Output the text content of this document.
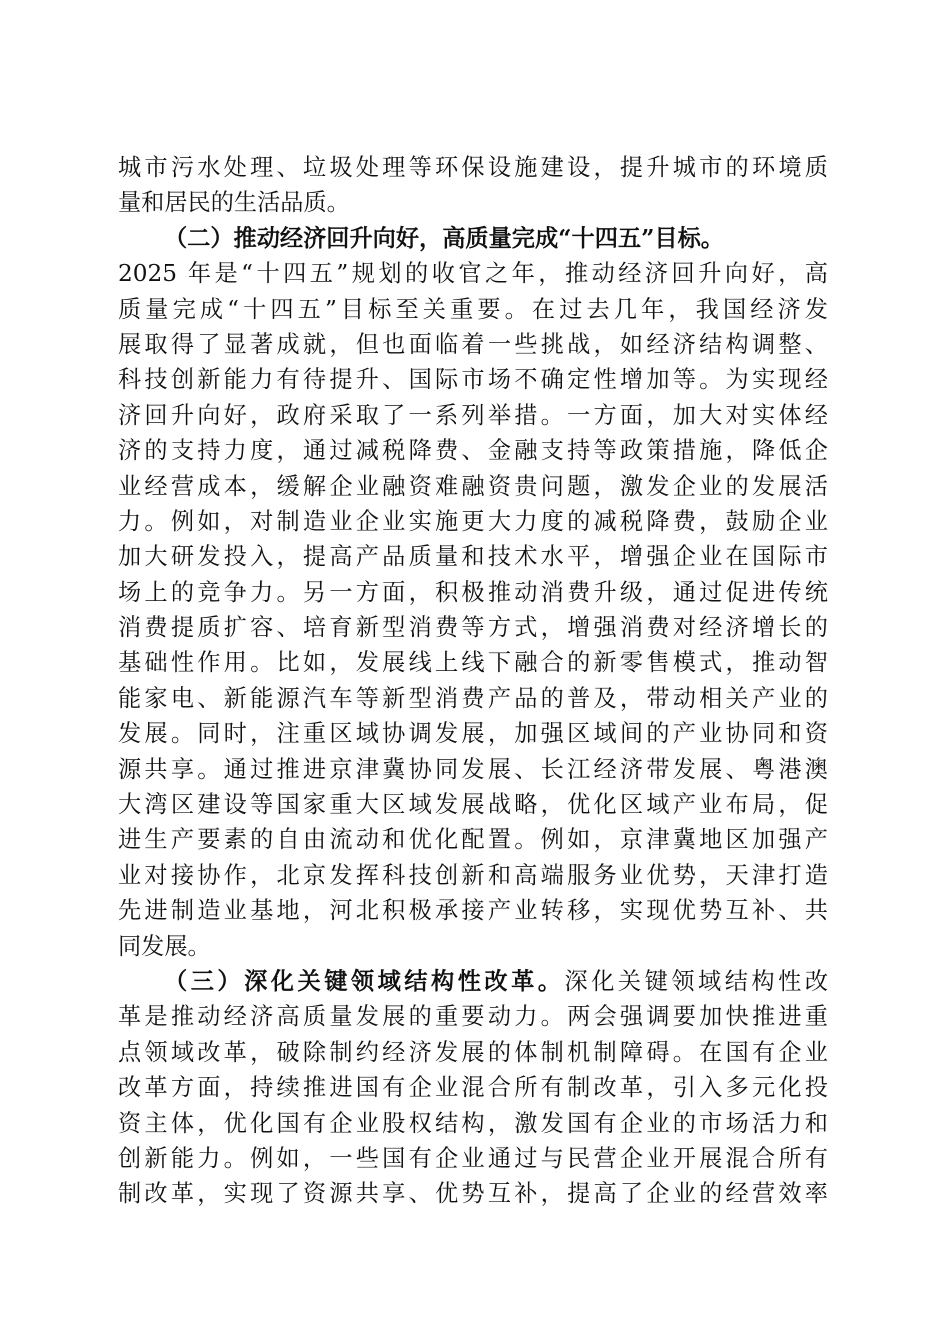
城市污水处理、垃圾处理等环保设施建设，提升城市的环境质
量和居民的生活品质。
（二）推动经济回升向好，高质量完成“十四五”目标。
2025 年是“十四五”规划的收官之年，推动经济回升向好，高
质量完成“十四五”目标至关重要。在过去几年，我国经济发
展取得了显著成就，但也面临着一些挑战，如经济结构调整、
科技创新能力有待提升、国际市场不确定性增加等。为实现经
济回升向好，政府采取了一系列举措。一方面，加大对实体经
济的支持力度，通过减税降费、金融支持等政策措施，降低企
业经营成本，缓解企业融资难融资贵问题，激发企业的发展活
力。例如，对制造业企业实施更大力度的减税降费，鼓励企业
加大研发投入，提高产品质量和技术水平，增强企业在国际市
场上的竞争力。另一方面，积极推动消费升级，通过促进传统
消费提质扩容、培育新型消费等方式，增强消费对经济增长的
基础性作用。比如，发展线上线下融合的新零售模式，推动智
能家电、新能源汽车等新型消费产品的普及，带动相关产业的
发展。同时，注重区域协调发展，加强区域间的产业协同和资
源共享。通过推进京津冀协同发展、长江经济带发展、粤港澳
大湾区建设等国家重大区域发展战略，优化区域产业布局，促
进生产要素的自由流动和优化配置。例如，京津冀地区加强产
业对接协作，北京发挥科技创新和高端服务业优势，天津打造
先进制造业基地，河北积极承接产业转移，实现优势互补、共
同发展。
（三）深化关键领域结构性改革。深化关键领域结构性改
革是推动经济高质量发展的重要动力。两会强调要加快推进重
点领域改革，破除制约经济发展的体制机制障碍。在国有企业
改革方面，持续推进国有企业混合所有制改革，引入多元化投
资主体，优化国有企业股权结构，激发国有企业的市场活力和
创新能力。例如，一些国有企业通过与民营企业开展混合所有
制改革，实现了资源共享、优势互补，提高了企业的经营效率
